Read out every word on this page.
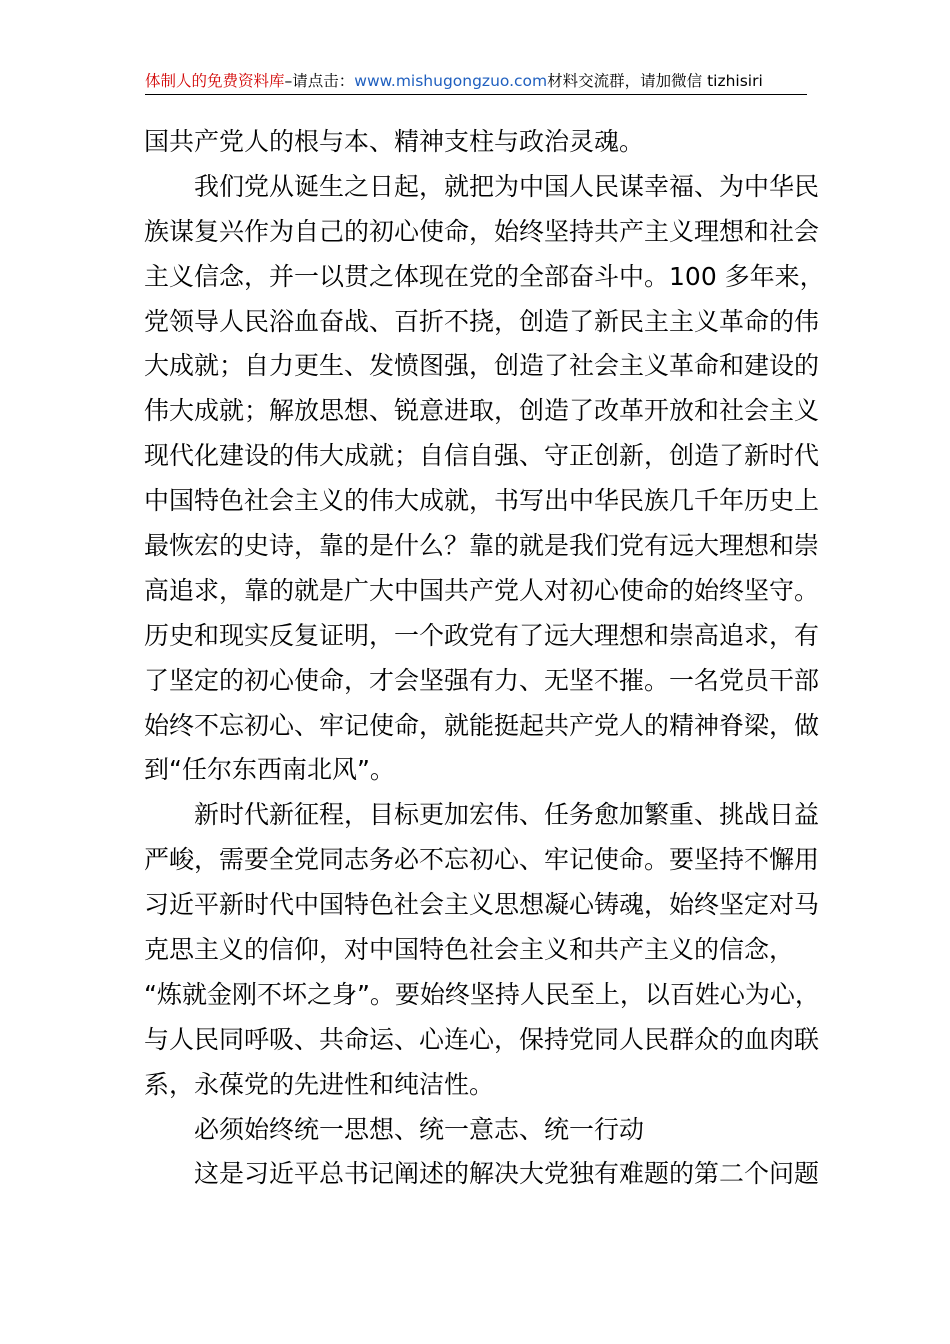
体制人的免费资料库–请点击：www.mishugongzuo.com材料交流群，请加微信 tizhisiri
国共产党人的根与本、精神支柱与政治灵魂。
我们党从诞生之日起，就把为中国人民谋幸福、为中华民
族谋复兴作为自己的初心使命，始终坚持共产主义理想和社会
主义信念，并一以贯之体现在党的全部奋斗中。100 多年来，
党领导人民浴血奋战、百折不挠，创造了新民主主义革命的伟
大成就；自力更生、发愤图强，创造了社会主义革命和建设的
伟大成就；解放思想、锐意进取，创造了改革开放和社会主义
现代化建设的伟大成就；自信自强、守正创新，创造了新时代
中国特色社会主义的伟大成就，书写出中华民族几千年历史上
最恢宏的史诗，靠的是什么？靠的就是我们党有远大理想和崇
高追求，靠的就是广大中国共产党人对初心使命的始终坚守。
历史和现实反复证明，一个政党有了远大理想和崇高追求，有
了坚定的初心使命，才会坚强有力、无坚不摧。一名党员干部
始终不忘初心、牢记使命，就能挺起共产党人的精神脊梁，做
到“任尔东西南北风”。
新时代新征程，目标更加宏伟、任务愈加繁重、挑战日益
严峻，需要全党同志务必不忘初心、牢记使命。要坚持不懈用
习近平新时代中国特色社会主义思想凝心铸魂，始终坚定对马
克思主义的信仰，对中国特色社会主义和共产主义的信念，
“炼就金刚不坏之身”。要始终坚持人民至上，以百姓心为心，
与人民同呼吸、共命运、心连心，保持党同人民群众的血肉联
系，永葆党的先进性和纯洁性。
必须始终统一思想、统一意志、统一行动
这是习近平总书记阐述的解决大党独有难题的第二个问题
